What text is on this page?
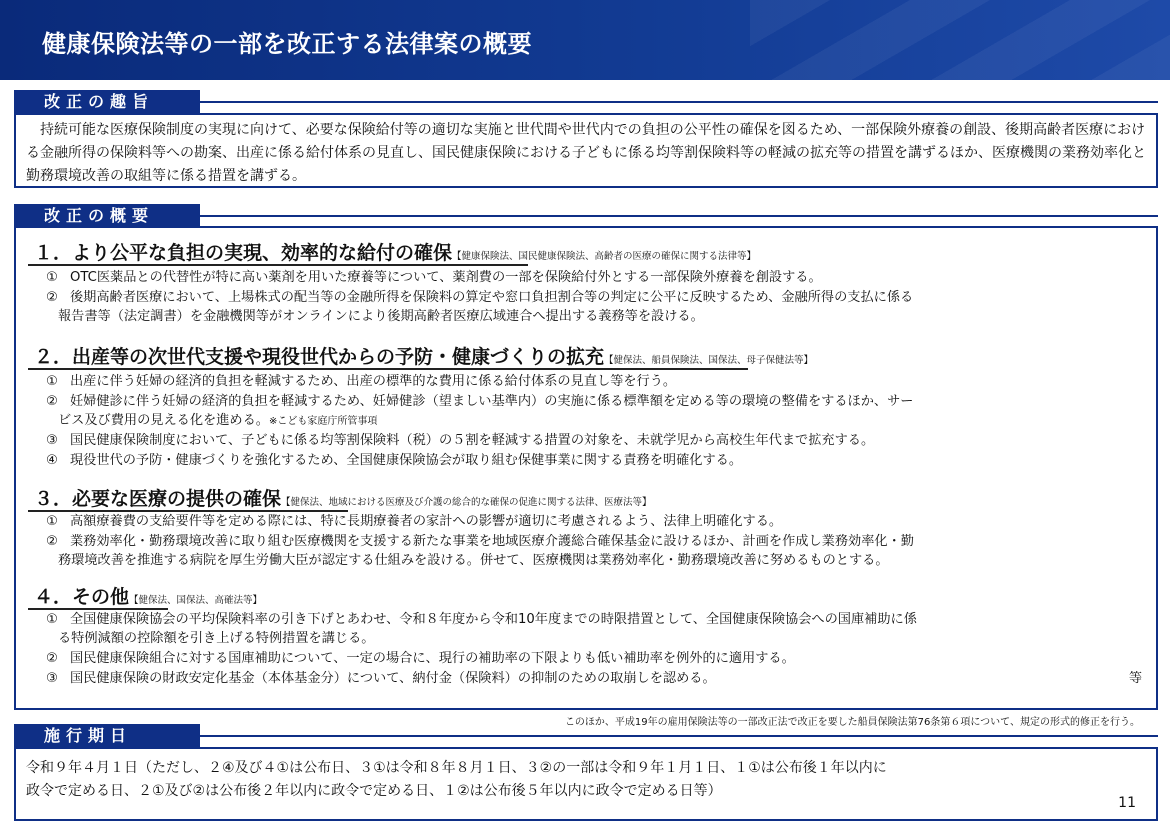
健康保険法等の一部を改正する法律案の概要
改正の趣旨
持続可能な医療保険制度の実現に向けて、必要な保険給付等の適切な実施と世代間や世代内での負担の公平性の確保を図るため、一部保険外療養の創設、後期高齢者医療における金融所得の保険料等への勘案、出産に係る給付体系の見直し、国民健康保険における子どもに係る均等割保険料等の軽減の拡充等の措置を講ずるほか、医療機関の業務効率化と勤務環境改善の取組等に係る措置を講ずる。
改正の概要
１．より公平な負担の実現、効率的な給付の確保【健康保険法、国民健康保険法、高齢者の医療の確保に関する法律等】
① OTC医薬品との代替性が特に高い薬剤を用いた療養等について、薬剤費の一部を保険給付外とする一部保険外療養を創設する。
② 後期高齢者医療において、上場株式の配当等の金融所得を保険料の算定や窓口負担割合等の判定に公平に反映するため、金融所得の支払に係る
報告書等（法定調書）を金融機関等がオンラインにより後期高齢者医療広域連合へ提出する義務等を設ける。
２．出産等の次世代支援や現役世代からの予防・健康づくりの拡充【健保法、船員保険法、国保法、母子保健法等】
① 出産に伴う妊婦の経済的負担を軽減するため、出産の標準的な費用に係る給付体系の見直し等を行う。
② 妊婦健診に伴う妊婦の経済的負担を軽減するため、妊婦健診（望ましい基準内）の実施に係る標準額を定める等の環境の整備をするほか、サー
ビス及び費用の見える化を進める。※こども家庭庁所管事項
③ 国民健康保険制度において、子どもに係る均等割保険料（税）の５割を軽減する措置の対象を、未就学児から高校生年代まで拡充する。
④ 現役世代の予防・健康づくりを強化するため、全国健康保険協会が取り組む保健事業に関する責務を明確化する。
３．必要な医療の提供の確保【健保法、地域における医療及び介護の総合的な確保の促進に関する法律、医療法等】
① 高額療養費の支給要件等を定める際には、特に長期療養者の家計への影響が適切に考慮されるよう、法律上明確化する。
② 業務効率化・勤務環境改善に取り組む医療機関を支援する新たな事業を地域医療介護総合確保基金に設けるほか、計画を作成し業務効率化・勤
務環境改善を推進する病院を厚生労働大臣が認定する仕組みを設ける。併せて、医療機関は業務効率化・勤務環境改善に努めるものとする。
４．その他【健保法、国保法、高確法等】
① 全国健康保険協会の平均保険料率の引き下げとあわせ、令和８年度から令和10年度までの時限措置として、全国健康保険協会への国庫補助に係
る特例減額の控除額を引き上げる特例措置を講じる。
② 国民健康保険組合に対する国庫補助について、一定の場合に、現行の補助率の下限よりも低い補助率を例外的に適用する。
③ 国民健康保険の財政安定化基金（本体基金分）について、納付金（保険料）の抑制のための取崩しを認める。	等
このほか、平成19年の雇用保険法等の一部改正法で改正を要した船員保険法第76条第６項について、規定の形式的修正を行う。
施行期日
令和９年４月１日（ただし、２④及び４①は公布日、３①は令和８年８月１日、３②の一部は令和９年１月１日、１①は公布後１年以内に
政令で定める日、２①及び②は公布後２年以内に政令で定める日、１②は公布後５年以内に政令で定める日等）
11
